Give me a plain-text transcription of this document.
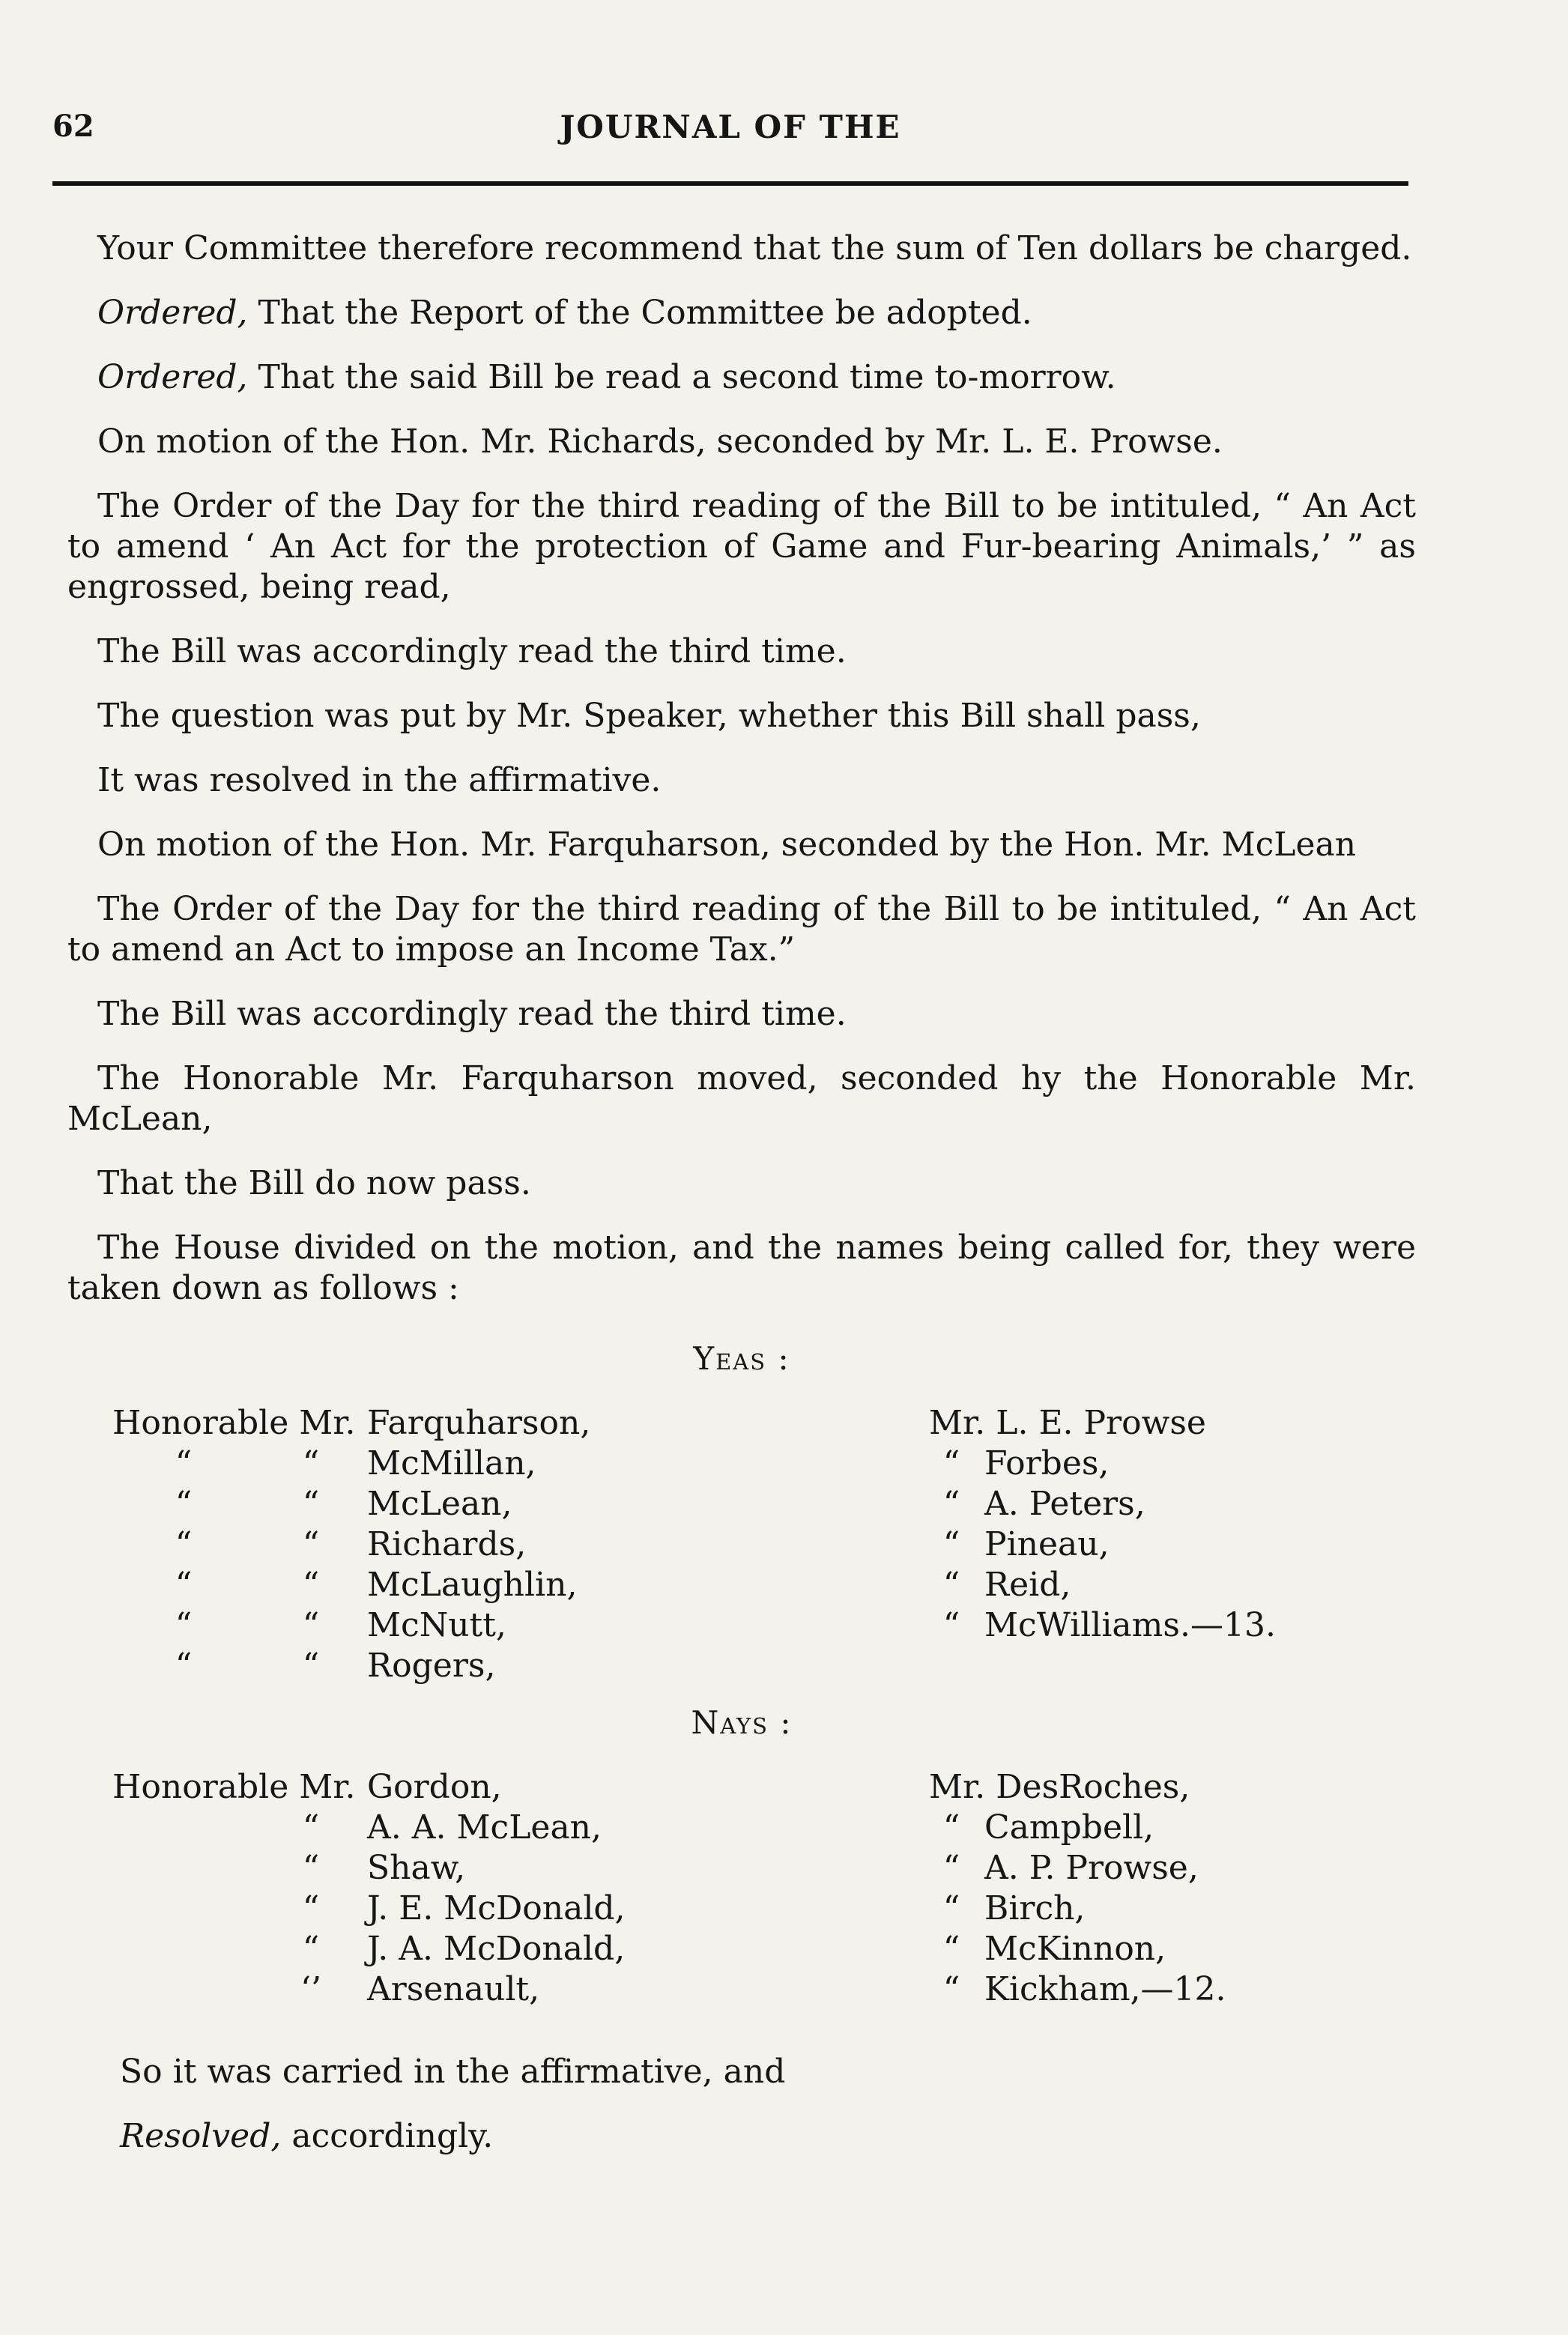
62	JOURNAL OF THE

Your Committee therefore recommend that the sum of Ten dollars be charged.

Ordered, That the Report of the Committee be adopted.

Ordered, That the said Bill be read a second time to-morrow.

On motion of the Hon. Mr. Richards, seconded by Mr. L. E. Prowse.

The Order of the Day for the third reading of the Bill to be intituled, “ An Act to amend ‘ An Act for the protection of Game and Fur-bearing Animals,’ ” as engrossed, being read,

The Bill was accordingly read the third time.

The question was put by Mr. Speaker, whether this Bill shall pass,

It was resolved in the affirmative.

On motion of the Hon. Mr. Farquharson, seconded by the Hon. Mr. McLean

The Order of the Day for the third reading of the Bill to be intituled, “ An Act to amend an Act to impose an Income Tax.”

The Bill was accordingly read the third time.

The Honorable Mr. Farquharson moved, seconded hy the Honorable Mr. McLean,

That the Bill do now pass.

The House divided on the motion, and the names being called for, they were taken down as follows :

Yeas :
Honorable Mr. Farquharson,
“	“ McMillan,
“	“ McLean,
“	“ Richards,
“	“ McLaughlin,
“	“ McNutt,
“	“ Rogers,
Mr. L. E. Prowse
“ Forbes,
“ A. Peters,
“ Pineau,
“ Reid,
“ McWilliams.—13.
Nays :
Honorable Mr. Gordon,
“ A. A. McLean,
“ Shaw,
“ J. E. McDonald,
“ J. A. McDonald,
‘’ Arsenault,
Mr. DesRoches,
“ Campbell,
“ A. P. Prowse,
“ Birch,
“ McKinnon,
“ Kickham,—12.

So it was carried in the affirmative, and

Resolved, accordingly.
